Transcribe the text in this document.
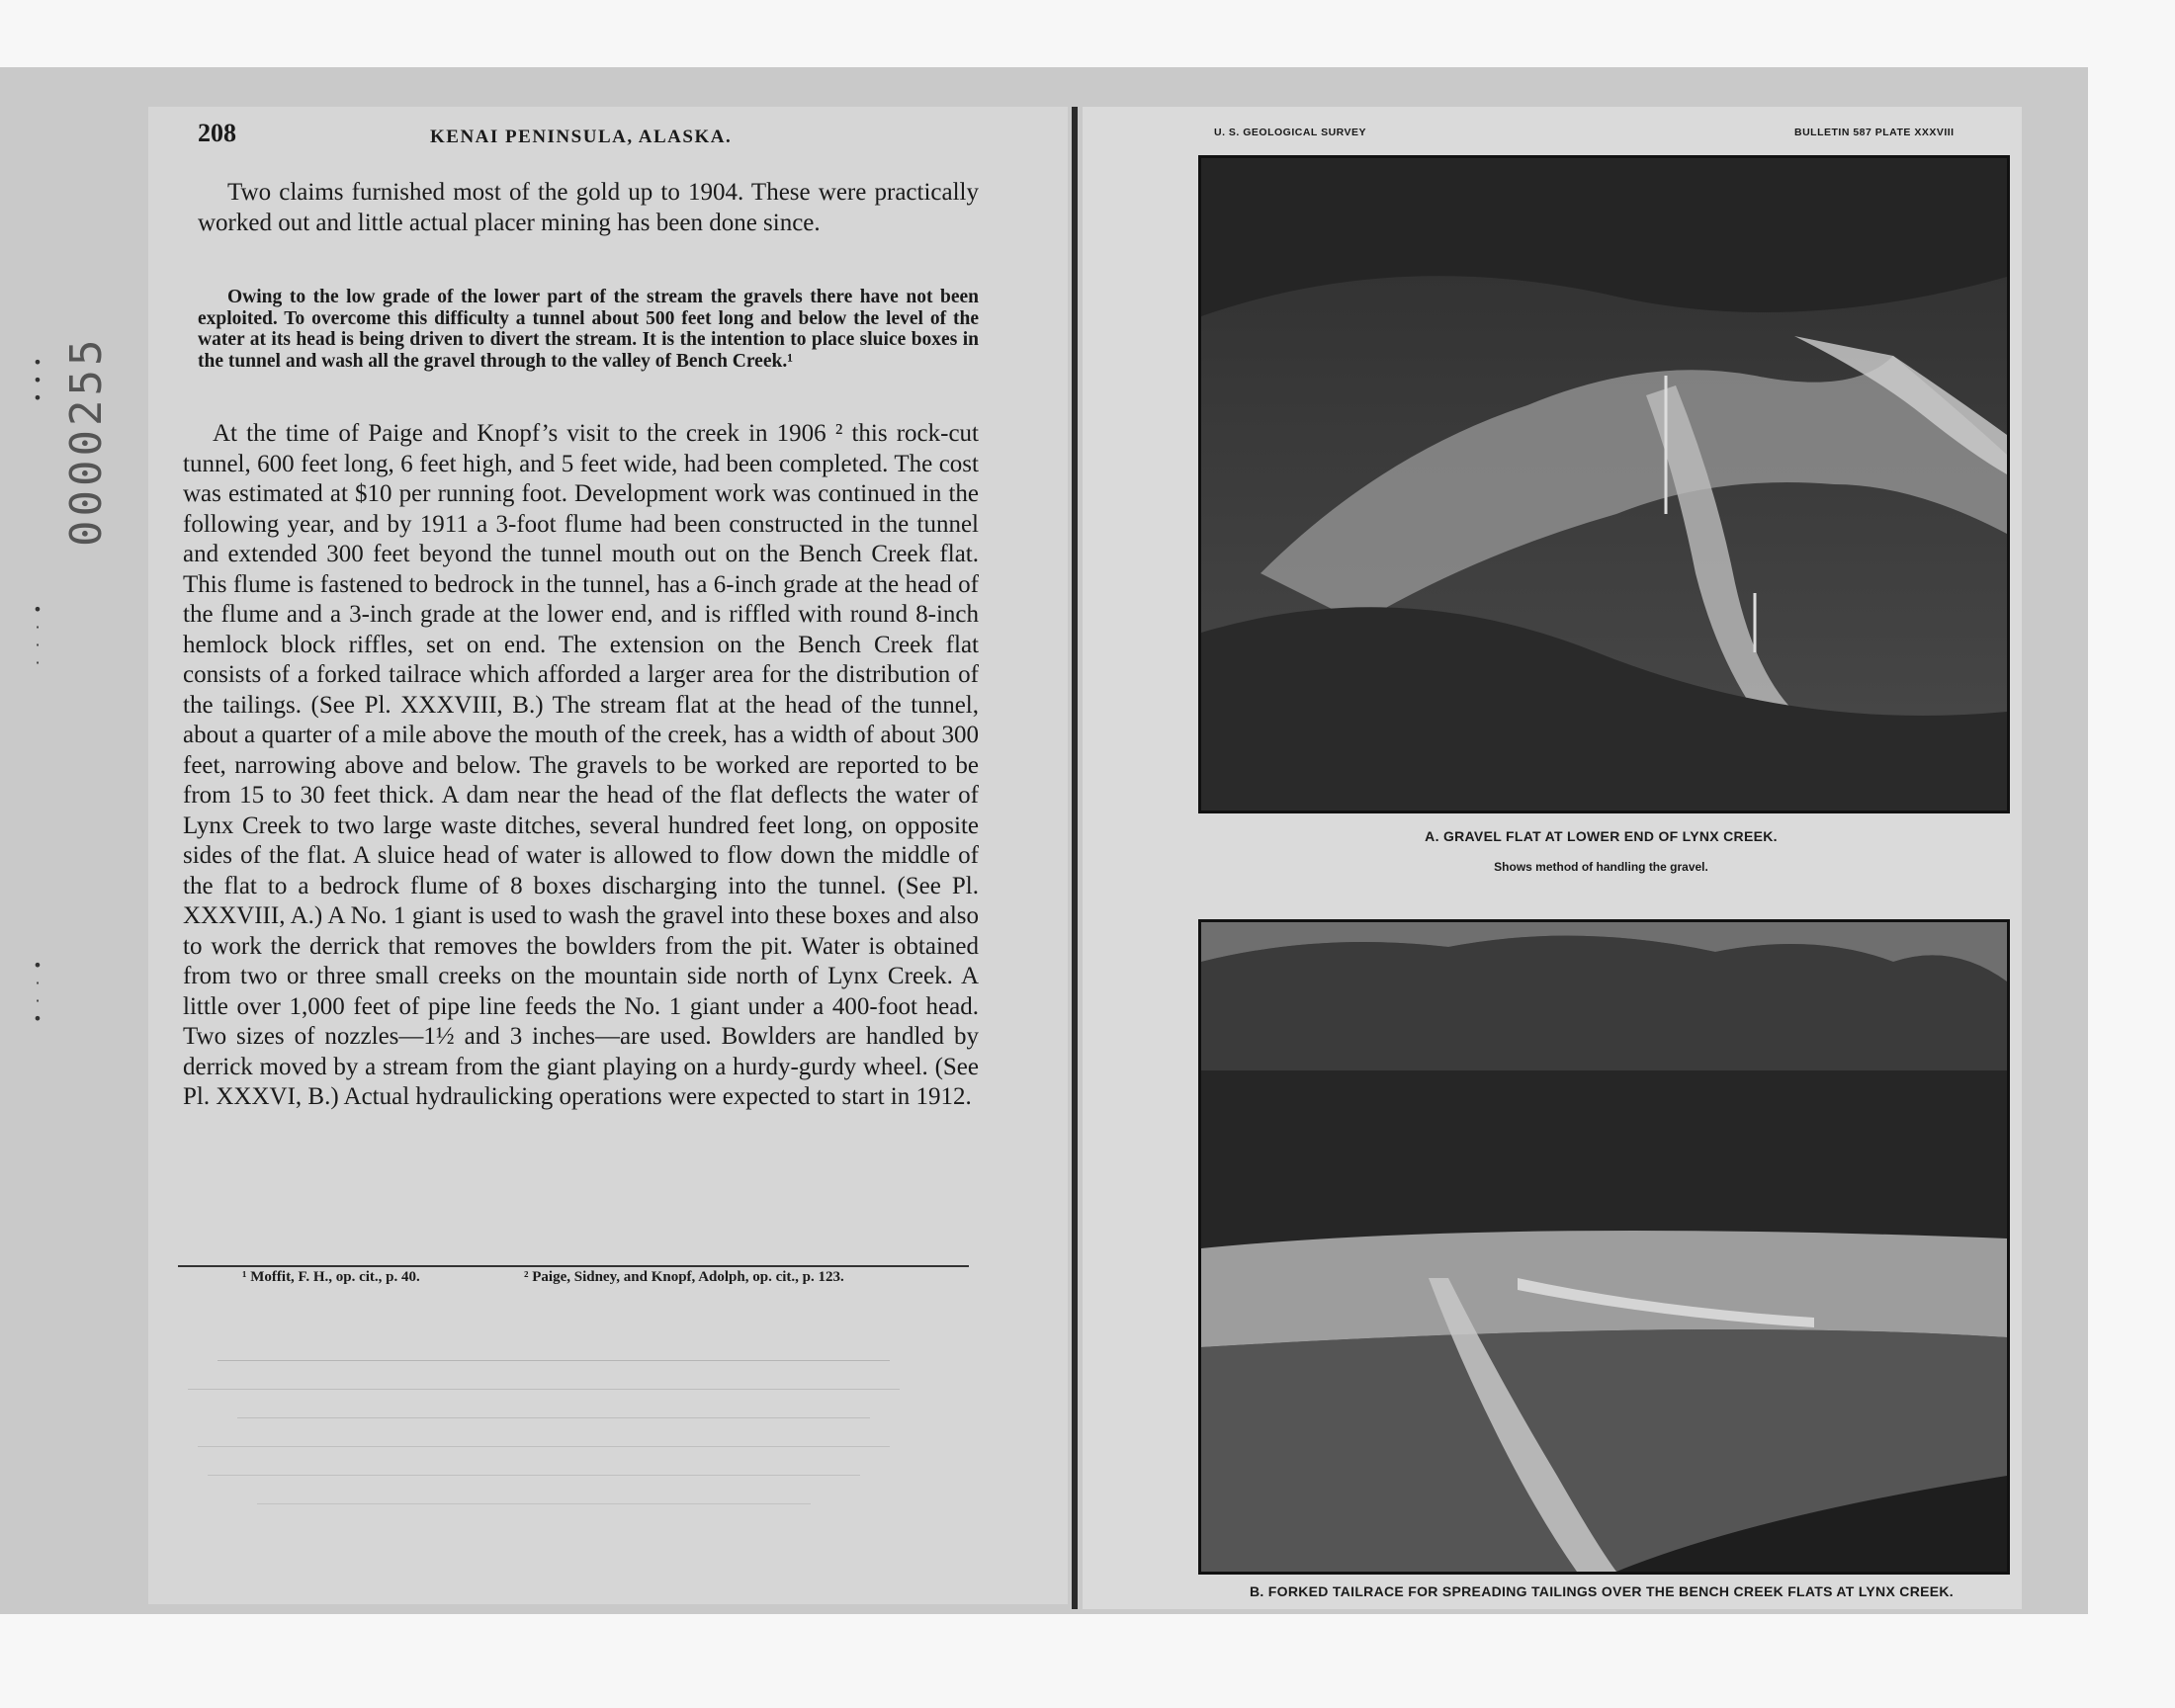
0000255
•
•
•
•
·
·
·
•
·
·
•
208	KENAI PENINSULA, ALASKA.

Two claims furnished most of the gold up to 1904. These were practically worked out and little actual placer mining has been done since.

Owing to the low grade of the lower part of the stream the gravels there have not been exploited. To overcome this difficulty a tunnel about 500 feet long and below the level of the water at its head is being driven to divert the stream. It is the intention to place sluice boxes in the tunnel and wash all the gravel through to the valley of Bench Creek.¹

At the time of Paige and Knopf’s visit to the creek in 1906 ² this rock-cut tunnel, 600 feet long, 6 feet high, and 5 feet wide, had been completed. The cost was estimated at $10 per running foot. Development work was continued in the following year, and by 1911 a 3-foot flume had been constructed in the tunnel and extended 300 feet beyond the tunnel mouth out on the Bench Creek flat. This flume is fastened to bedrock in the tunnel, has a 6-inch grade at the head of the flume and a 3-inch grade at the lower end, and is riffled with round 8-inch hemlock block riffles, set on end. The extension on the Bench Creek flat consists of a forked tailrace which afforded a larger area for the distribution of the tailings. (See Pl. XXXVIII, B.) The stream flat at the head of the tunnel, about a quarter of a mile above the mouth of the creek, has a width of about 300 feet, narrowing above and below. The gravels to be worked are reported to be from 15 to 30 feet thick. A dam near the head of the flat deflects the water of Lynx Creek to two large waste ditches, several hundred feet long, on opposite sides of the flat. A sluice head of water is allowed to flow down the middle of the flat to a bedrock flume of 8 boxes discharging into the tunnel. (See Pl. XXXVIII, A.) A No. 1 giant is used to wash the gravel into these boxes and also to work the derrick that removes the bowlders from the pit. Water is obtained from two or three small creeks on the mountain side north of Lynx Creek. A little over 1,000 feet of pipe line feeds the No. 1 giant under a 400-foot head. Two sizes of nozzles—1½ and 3 inches—are used. Bowlders are handled by derrick moved by a stream from the giant playing on a hurdy-gurdy wheel. (See Pl. XXXVI, B.) Actual hydraulicking operations were expected to start in 1912.

¹ Moffit, F. H., op. cit., p. 40.	² Paige, Sidney, and Knopf, Adolph, op. cit., p. 123.
U. S. GEOLOGICAL SURVEY	BULLETIN 587 PLATE XXXVIII
A. GRAVEL FLAT AT LOWER END OF LYNX CREEK.
Shows method of handling the gravel.
B. FORKED TAILRACE FOR SPREADING TAILINGS OVER THE BENCH CREEK FLATS AT LYNX CREEK.
